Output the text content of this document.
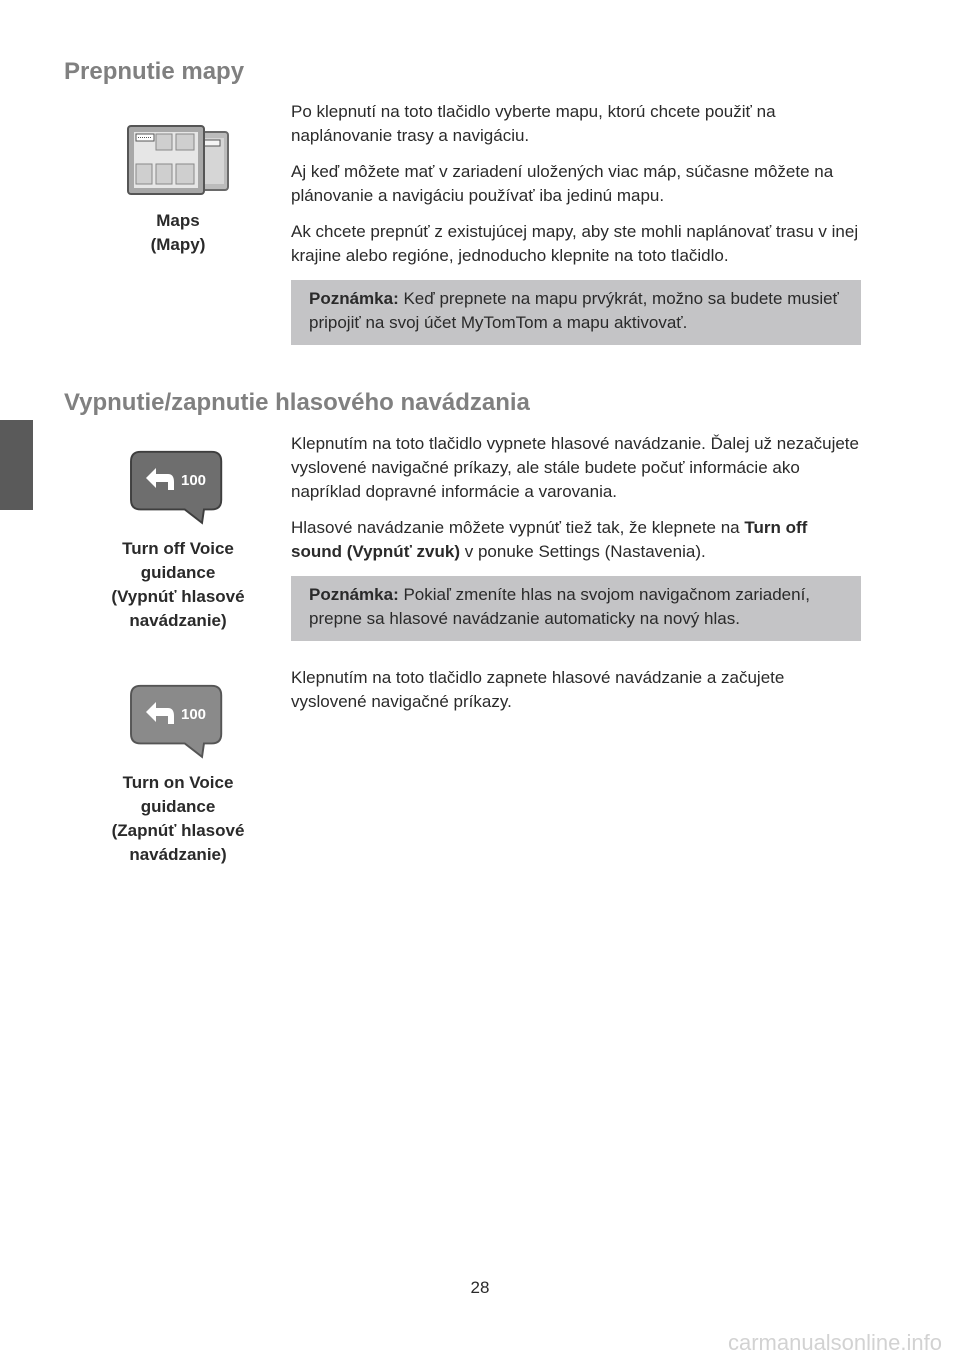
Prepnutie mapy
Maps
(Mapy)

Po klepnutí na toto tlačidlo vyberte mapu, ktorú chcete použiť na naplánovanie trasy a navigáciu.

Aj keď môžete mať v zariadení uložených viac máp, súčasne môžete na plánovanie a navigáciu používať iba jedinú mapu.

Ak chcete prepnúť z existujúcej mapy, aby ste mohli naplánovať trasu v inej krajine alebo regióne, jednoducho klepnite na toto tlačidlo.

Poznámka: Keď prepnete na mapu prvýkrát, možno sa budete musieť pripojiť na svoj účet MyTomTom a mapu aktivovať.
Vypnutie/zapnutie hlasového navádzania
100
Turn off Voice
guidance
(Vypnúť hlasové
navádzanie)

Klepnutím na toto tlačidlo vypnete hlasové navádzanie. Ďalej už nezačujete vyslovené navigačné príkazy, ale stále budete počuť informácie ako napríklad dopravné informácie a varovania.

Hlasové navádzanie môžete vypnúť tiež tak, že klepnete na Turn off sound (Vypnúť zvuk) v ponuke Settings (Nastavenia).

Poznámka: Pokiaľ zmeníte hlas na svojom navigačnom zariadení, prepne sa hlasové navádzanie automaticky na nový hlas.
100
Turn on Voice
guidance
(Zapnúť hlasové
navádzanie)

Klepnutím na toto tlačidlo zapnete hlasové navádzanie a začujete vyslovené navigačné príkazy.

28
carmanualsonline.info
